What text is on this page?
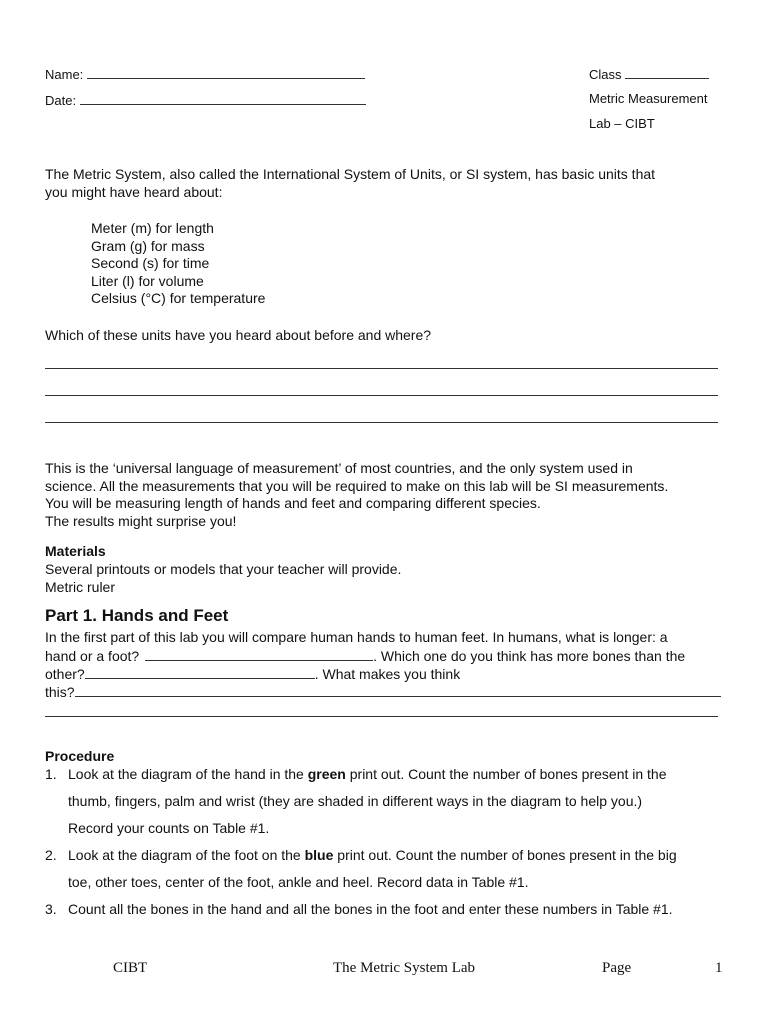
Name:
Date:
Class
Metric Measurement
Lab – CIBT
The Metric System, also called the International System of Units, or SI system, has basic units that
you might have heard about:
Meter (m) for length
Gram (g) for mass
Second (s) for time
Liter (l) for volume
Celsius (°C) for temperature
Which of these units have you heard about before and where?
This is the ‘universal language of measurement’ of most countries, and the only system used in
science. All the measurements that you will be required to make on this lab will be SI measurements.
You will be measuring length of hands and feet and comparing different species.
The results might surprise you!
Materials
Several printouts or models that your teacher will provide.
Metric ruler
Part 1. Hands and Feet
In the first part of this lab you will compare human hands to human feet. In humans, what is longer: a
hand or a foot?	. Which one do you think has more bones than the
other?	. What makes you think
this?
Procedure
1. Look at the diagram of the hand in the green print out. Count the number of bones present in the
thumb, fingers, palm and wrist (they are shaded in different ways in the diagram to help you.)
Record your counts on Table #1.
2. Look at the diagram of the foot on the blue print out. Count the number of bones present in the big
toe, other toes, center of the foot, ankle and heel. Record data in Table #1.
3. Count all the bones in the hand and all the bones in the foot and enter these numbers in Table #1.
CIBT	The Metric System Lab	Page	1
